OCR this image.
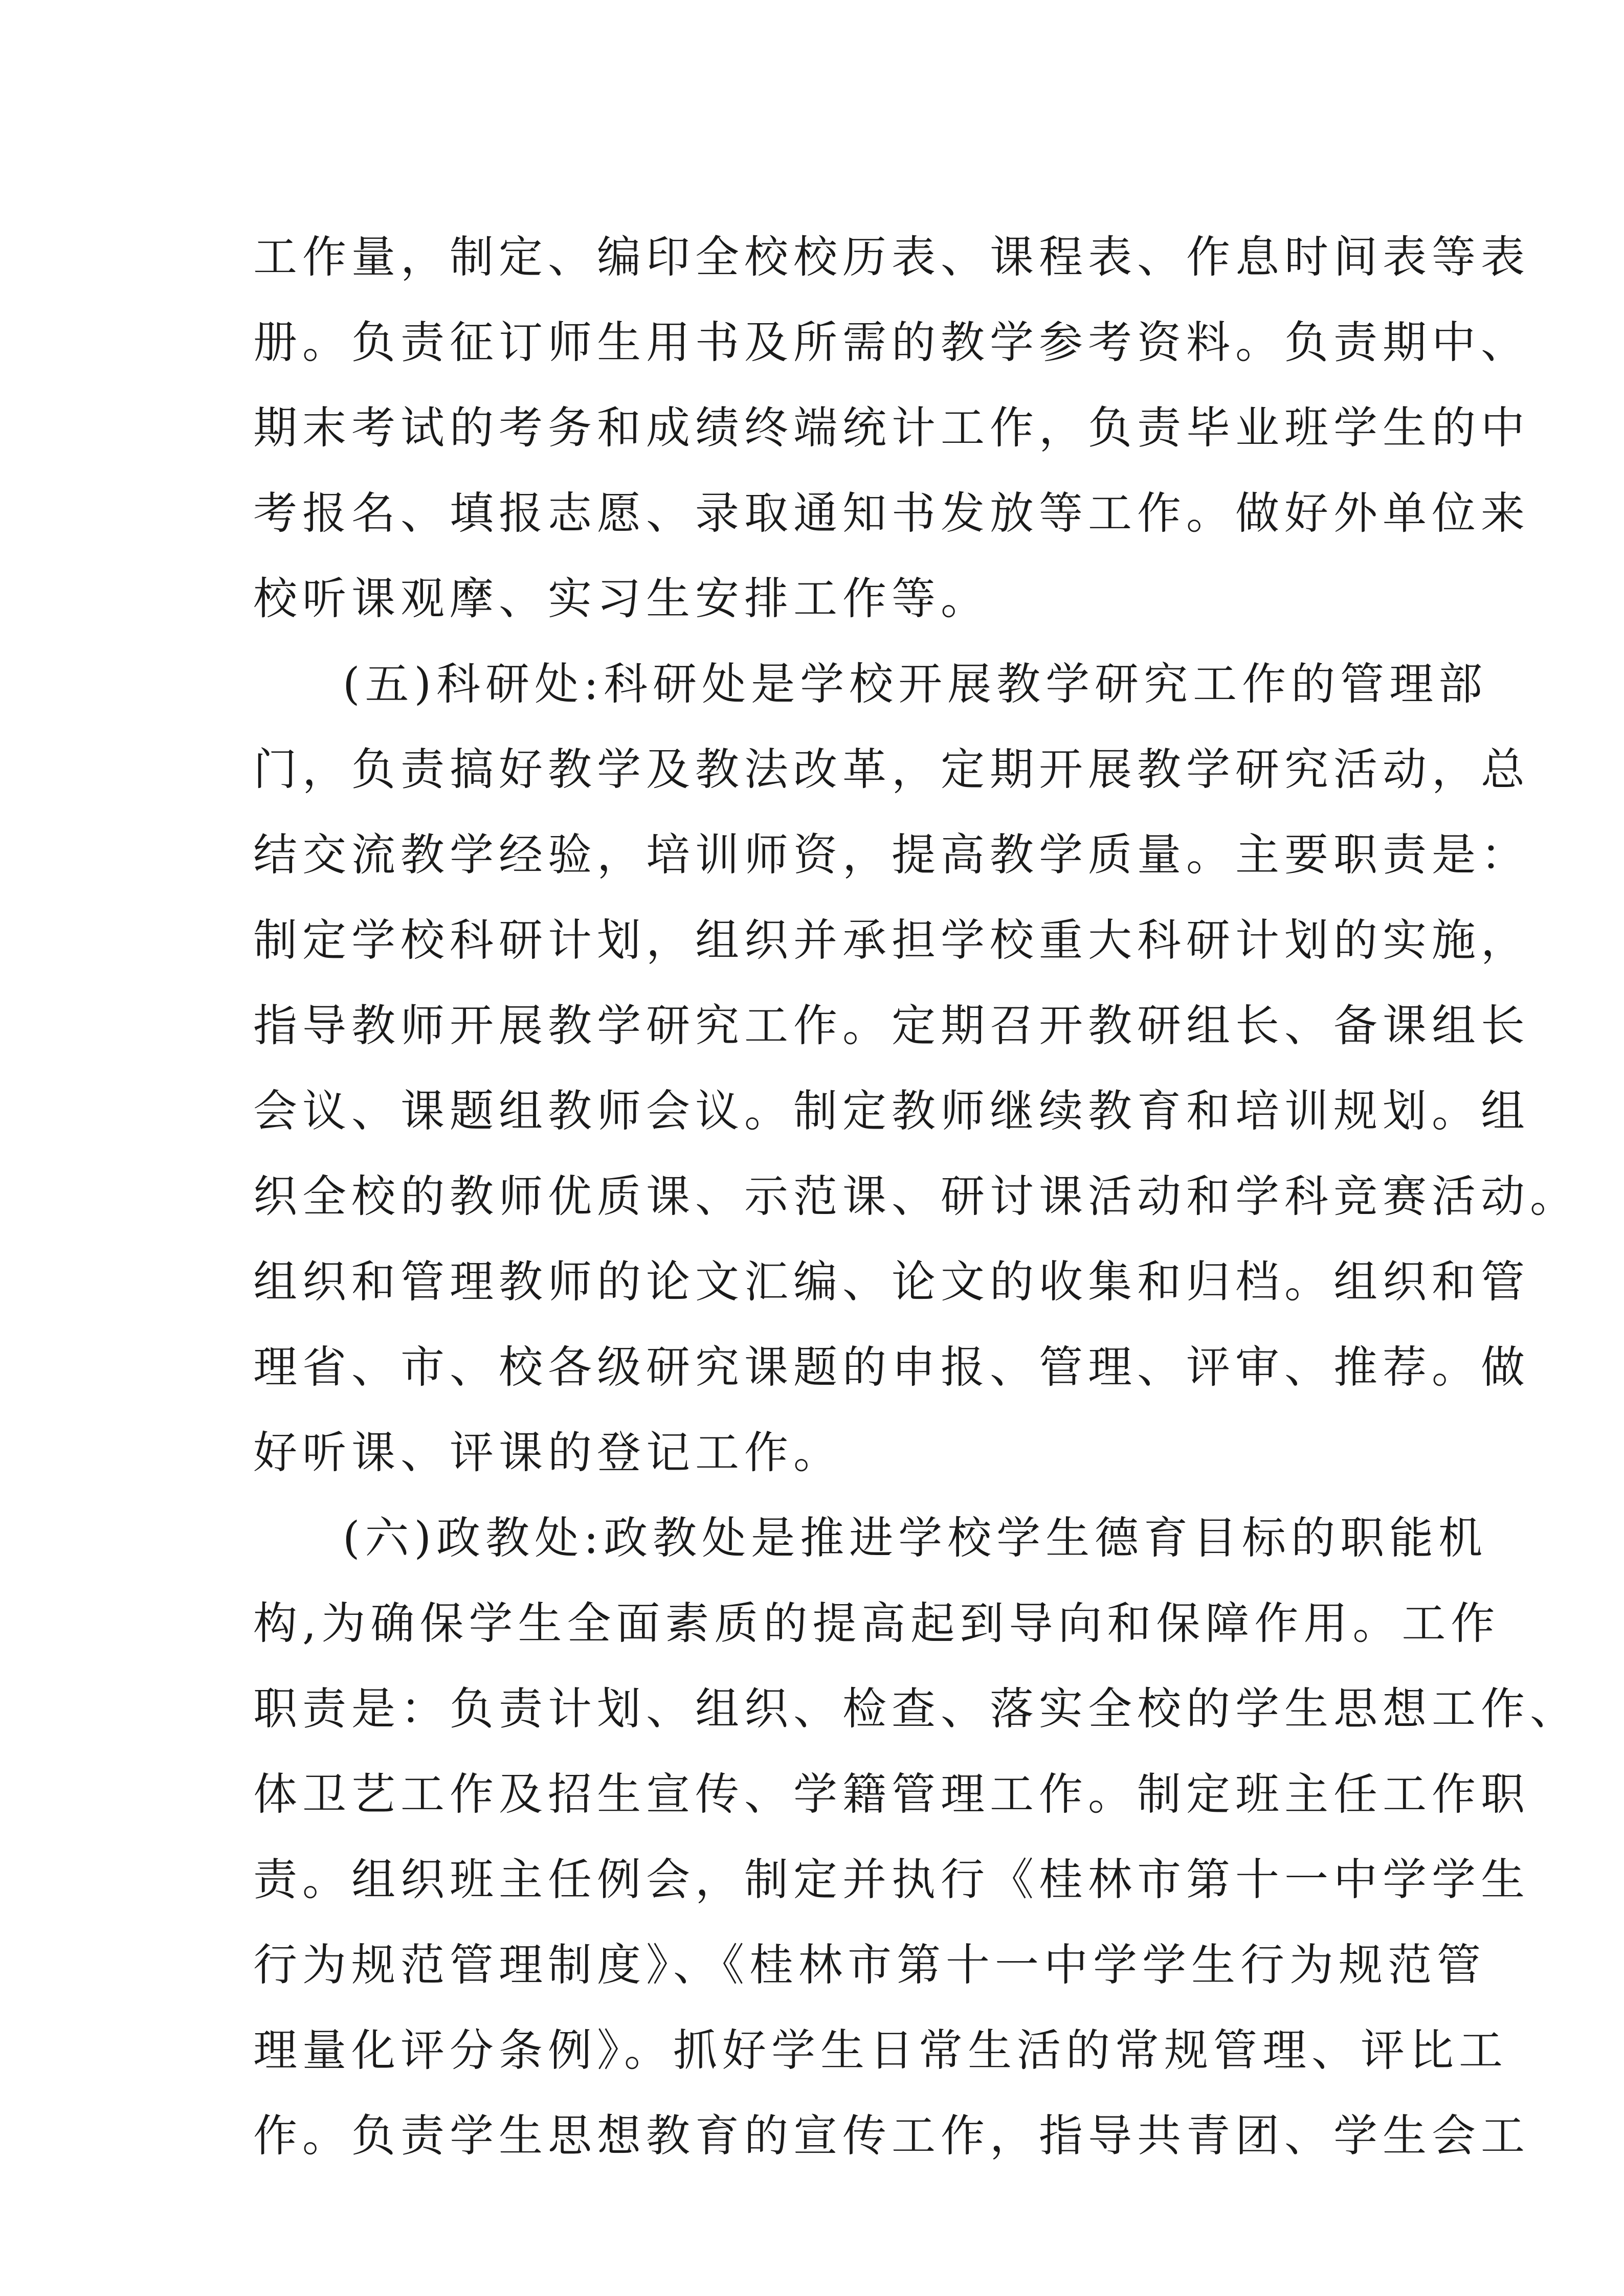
工作量，制定、编印全校校历表、课程表、作息时间表等表
册。负责征订师生用书及所需的教学参考资料。负责期中、
期末考试的考务和成绩终端统计工作，负责毕业班学生的中
考报名、填报志愿、录取通知书发放等工作。做好外单位来
校听课观摩、实习生安排工作等。
(五)科研处:科研处是学校开展教学研究工作的管理部
门，负责搞好教学及教法改革，定期开展教学研究活动，总
结交流教学经验，培训师资，提高教学质量。主要职责是：
制定学校科研计划，组织并承担学校重大科研计划的实施，
指导教师开展教学研究工作。定期召开教研组长、备课组长
会议、课题组教师会议。制定教师继续教育和培训规划。组
织全校的教师优质课、示范课、研讨课活动和学科竞赛活动。
组织和管理教师的论文汇编、论文的收集和归档。组织和管
理省、市、校各级研究课题的申报、管理、评审、推荐。做
好听课、评课的登记工作。
(六)政教处:政教处是推进学校学生德育目标的职能机
构,为确保学生全面素质的提高起到导向和保障作用。工作
职责是：负责计划、组织、检查、落实全校的学生思想工作、
体卫艺工作及招生宣传、学籍管理工作。制定班主任工作职
责。组织班主任例会，制定并执行《桂林市第十一中学学生
行为规范管理制度》、《桂林市第十一中学学生行为规范管
理量化评分条例》。抓好学生日常生活的常规管理、评比工
作。负责学生思想教育的宣传工作，指导共青团、学生会工
